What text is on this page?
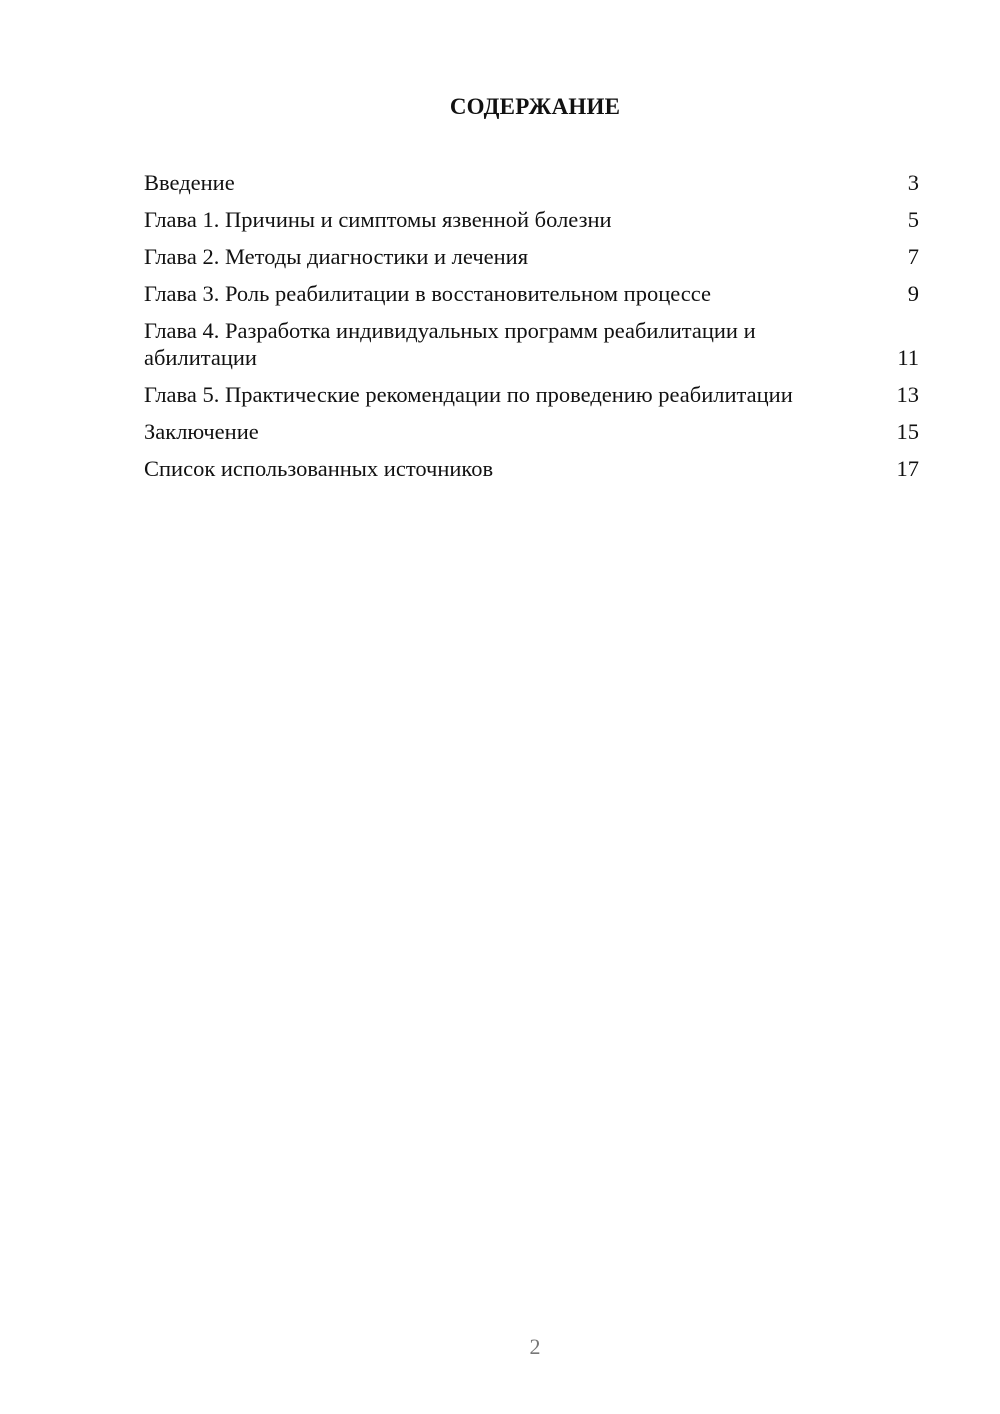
СОДЕРЖАНИЕ
Введение	3
Глава 1. Причины и симптомы язвенной болезни	5
Глава 2. Методы диагностики и лечения	7
Глава 3. Роль реабилитации в восстановительном процессе	9
Глава 4. Разработка индивидуальных программ реабилитации и абилитации	11
Глава 5. Практические рекомендации по проведению реабилитации	13
Заключение	15
Список использованных источников	17
2
